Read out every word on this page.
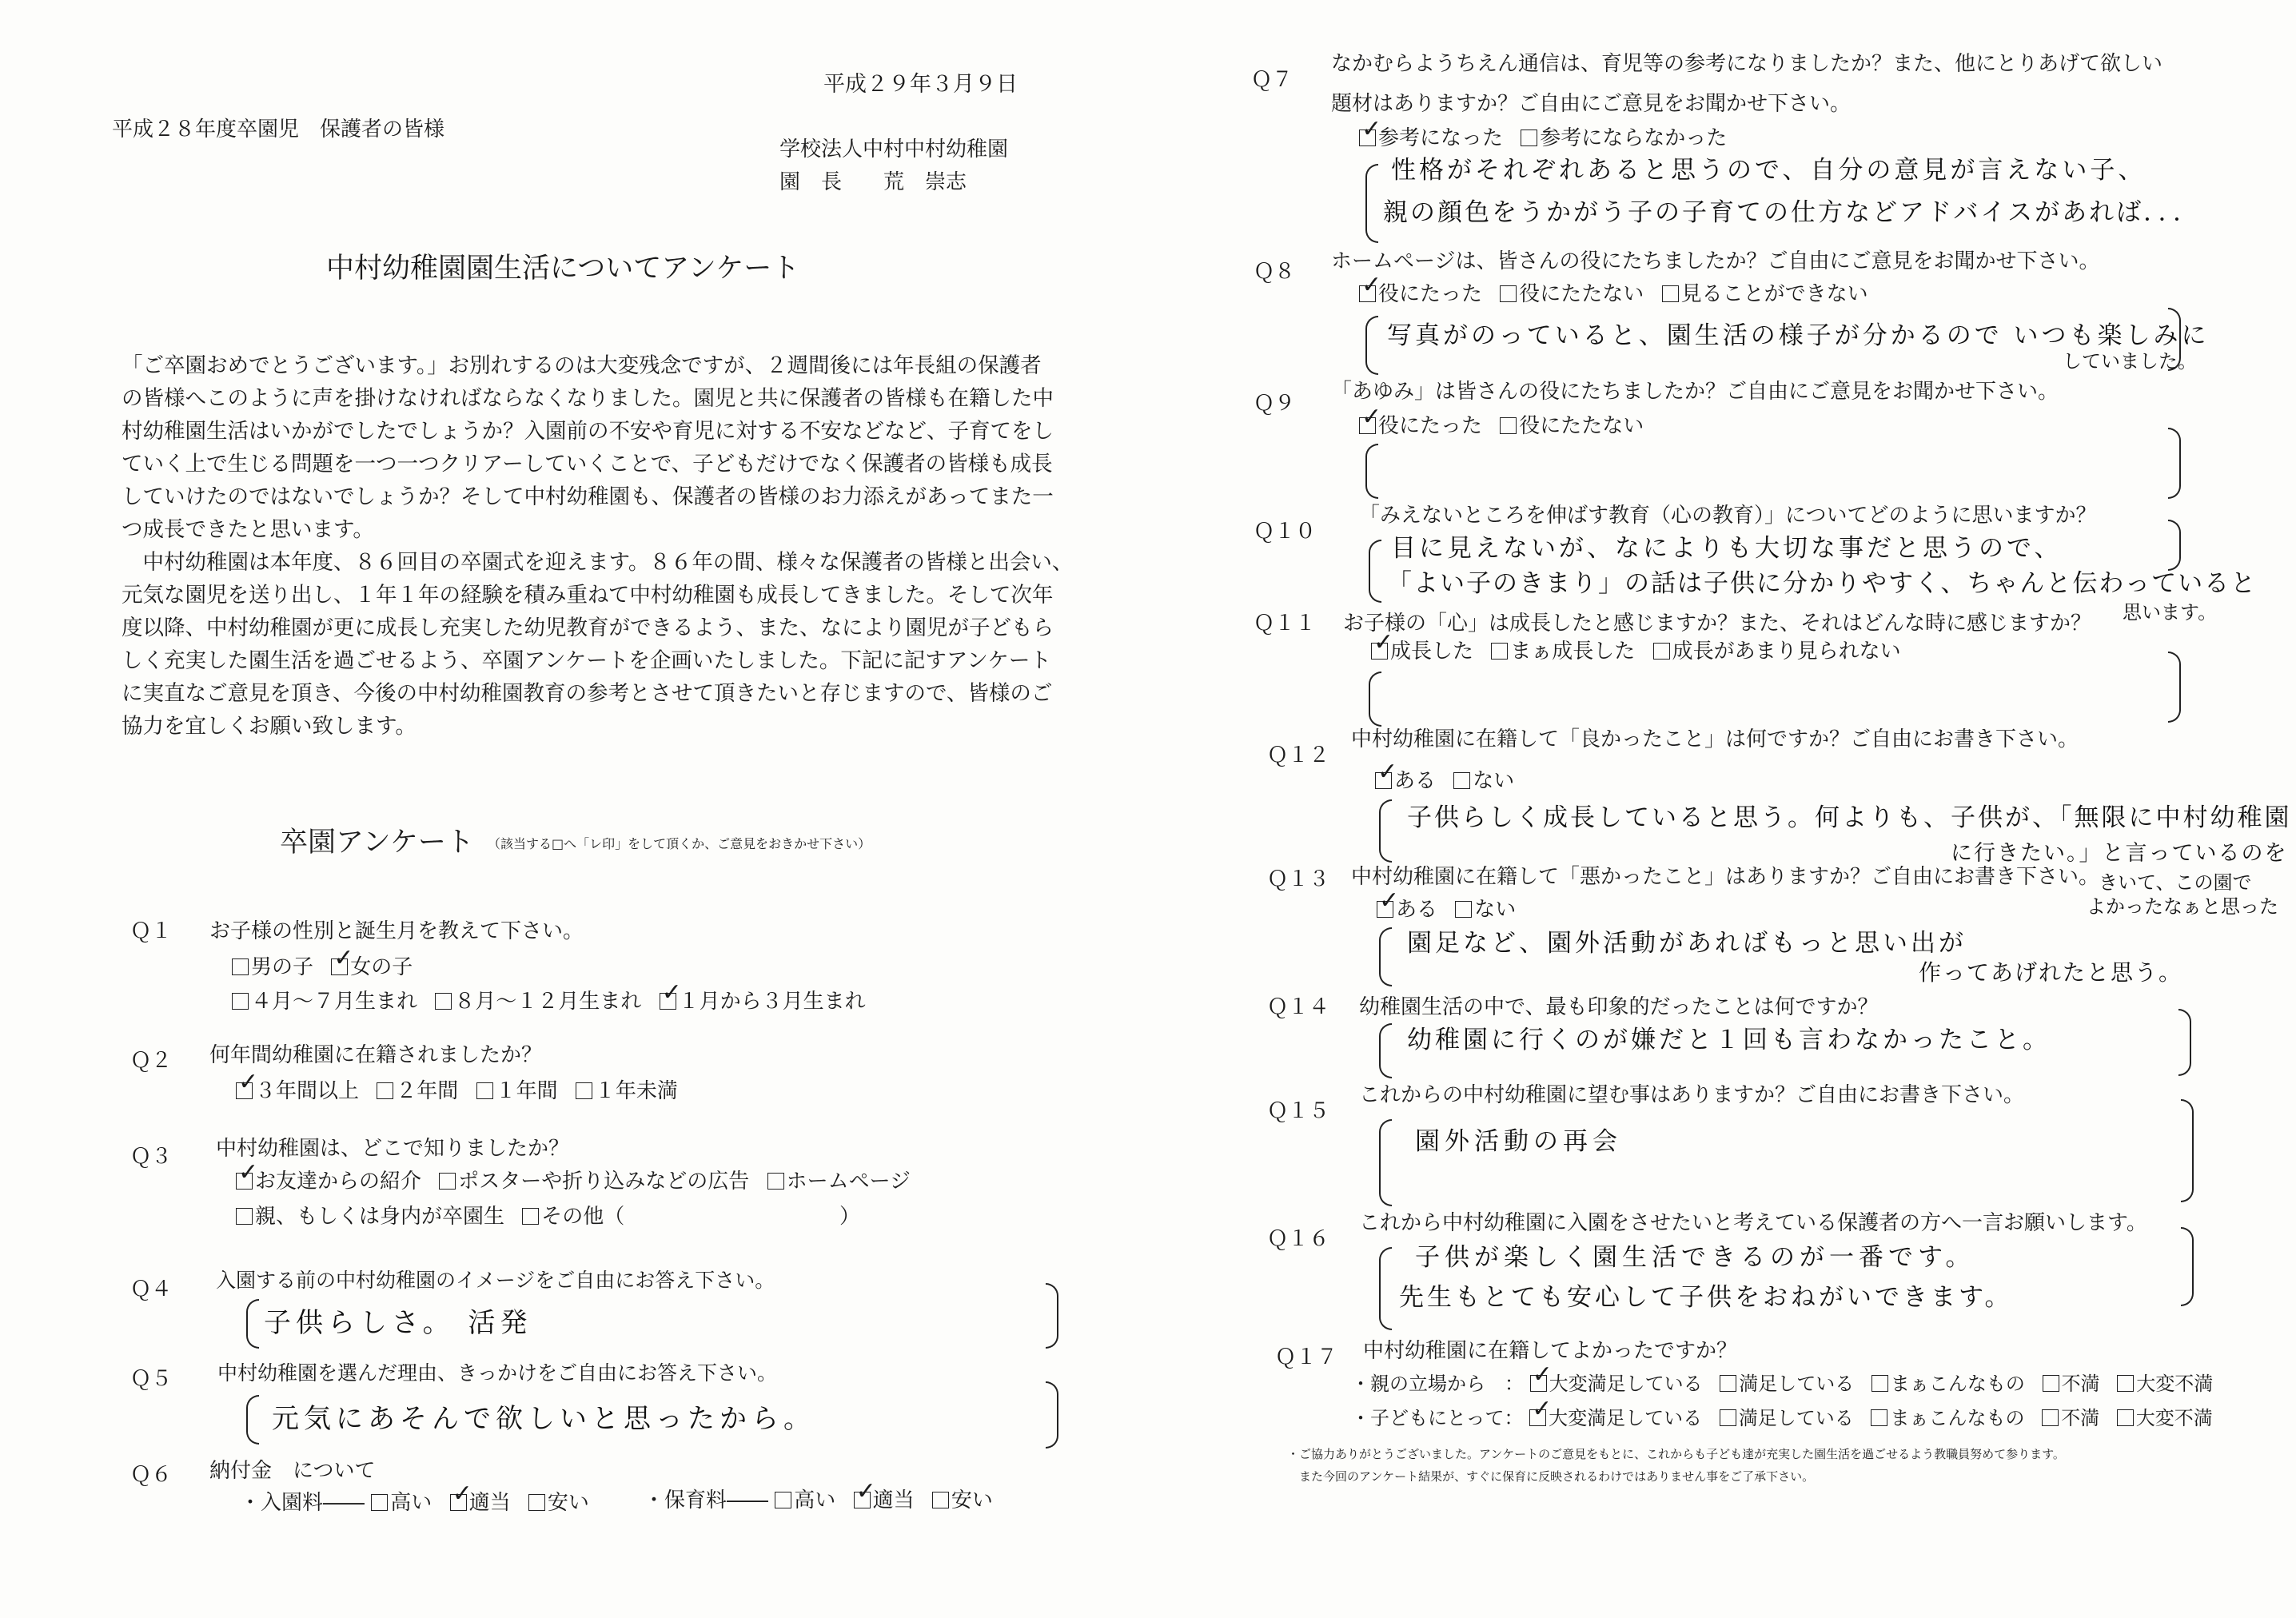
平成２９年３月９日
平成２８年度卒園児　保護者の皆様
学校法人中村中村幼稚園
園　長　　荒　崇志
中村幼稚園園生活についてアンケート
「ご卒園おめでとうございます。」お別れするのは大変残念ですが、２週間後には年長組の保護者
の皆様へこのように声を掛けなければならなくなりました。園児と共に保護者の皆様も在籍した中
村幼稚園生活はいかがでしたでしょうか？入園前の不安や育児に対する不安などなど、子育てをし
ていく上で生じる問題を一つ一つクリアーしていくことで、子どもだけでなく保護者の皆様も成長
していけたのではないでしょうか？そして中村幼稚園も、保護者の皆様のお力添えがあってまた一
つ成長できたと思います。
　中村幼稚園は本年度、８６回目の卒園式を迎えます。８６年の間、様々な保護者の皆様と出会い、
元気な園児を送り出し、１年１年の経験を積み重ねて中村幼稚園も成長してきました。そして次年
度以降、中村幼稚園が更に成長し充実した幼児教育ができるよう、また、なにより園児が子どもら
しく充実した園生活を過ごせるよう、卒園アンケートを企画いたしました。下記に記すアンケート
に実直なご意見を頂き、今後の中村幼稚園教育の参考とさせて頂きたいと存じますので、皆様のご
協力を宜しくお願い致します。
卒園アンケート （該当する□へ「レ印」をして頂くか、ご意見をおきかせ下さい）
Ｑ１ お子様の性別と誕生月を教えて下さい。
男の子 ✓ 女の子
４月～７月生まれ ８月～１２月生まれ ✓ １月から３月生まれ
Ｑ２ 何年間幼稚園に在籍されましたか？
✓３年間以上 ２年間 １年間 １年未満
Ｑ３ 中村幼稚園は、どこで知りましたか？
✓お友達からの紹介 ポスターや折り込みなどの広告 ホームページ
親、もしくは身内が卒園生 その他（	）
Ｑ４ 入園する前の中村幼稚園のイメージをご自由にお答え下さい。
子供らしさ。 活発
Ｑ５ 中村幼稚園を選んだ理由、きっかけをご自由にお答え下さい。
元気にあそんで欲しいと思ったから。
Ｑ６ 納付金　について
・入園料―― 高い ✓ 適当 安い	・保育料―― 高い ✓ 適当 安い
Ｑ７
なかむらようちえん通信は、育児等の参考になりましたか？また、他にとりあげて欲しい
題材はありますか？ご自由にご意見をお聞かせ下さい。
✓参考になった 参考にならなかった
性格がそれぞれあると思うので、自分の意見が言えない子、
親の顔色をうかがう子の子育ての仕方などアドバイスがあれば．．．
Ｑ８ ホームページは、皆さんの役にたちましたか？ご自由にご意見をお聞かせ下さい。
✓役にたった 役にたたない 見ることができない
写真がのっていると、園生活の様子が分かるので いつも楽しみに
していました。
Ｑ９ 「あゆみ」は皆さんの役にたちましたか？ご自由にご意見をお聞かせ下さい。
✓役にたった 役にたたない
Ｑ１０
「みえないところを伸ばす教育（心の教育）」についてどのように思いますか？
目に見えないが、なによりも大切な事だと思うので、
「よい子のきまり」の話は子供に分かりやすく、ちゃんと伝わっていると
思います。
Ｑ１１ お子様の「心」は成長したと感じますか？また、それはどんな時に感じますか？
✓成長した まぁ成長した 成長があまり見られない
Ｑ１２
中村幼稚園に在籍して「良かったこと」は何ですか？ご自由にお書き下さい。
✓ある ない
子供らしく成長していると思う。何よりも、子供が、「無限に中村幼稚園
に行きたい。」と言っているのを
きいて、この園で
よかったなぁと思った
Ｑ１３ 中村幼稚園に在籍して「悪かったこと」はありますか？ご自由にお書き下さい。
✓ある ない
園足など、園外活動があればもっと思い出が
作ってあげれたと思う。
Ｑ１４ 幼稚園生活の中で、最も印象的だったことは何ですか？
幼稚園に行くのが嫌だと１回も言わなかったこと。
Ｑ１５
これからの中村幼稚園に望む事はありますか？ご自由にお書き下さい。
園外活動の再会
Ｑ１６
これから中村幼稚園に入園をさせたいと考えている保護者の方へ一言お願いします。
子供が楽しく園生活できるのが一番です。
先生もとても安心して子供をおねがいできます。
Ｑ１７ 中村幼稚園に在籍してよかったですか？
・親の立場から　： ✓ 大変満足している 満足している まぁこんなもの 不満 大変不満
・子どもにとって： ✓ 大変満足している 満足している まぁこんなもの 不満 大変不満
・ご協力ありがとうございました。アンケートのご意見をもとに、これからも子ども達が充実した園生活を過ごせるよう教職員努めて参ります。
　また今回のアンケート結果が、すぐに保育に反映されるわけではありません事をご了承下さい。
